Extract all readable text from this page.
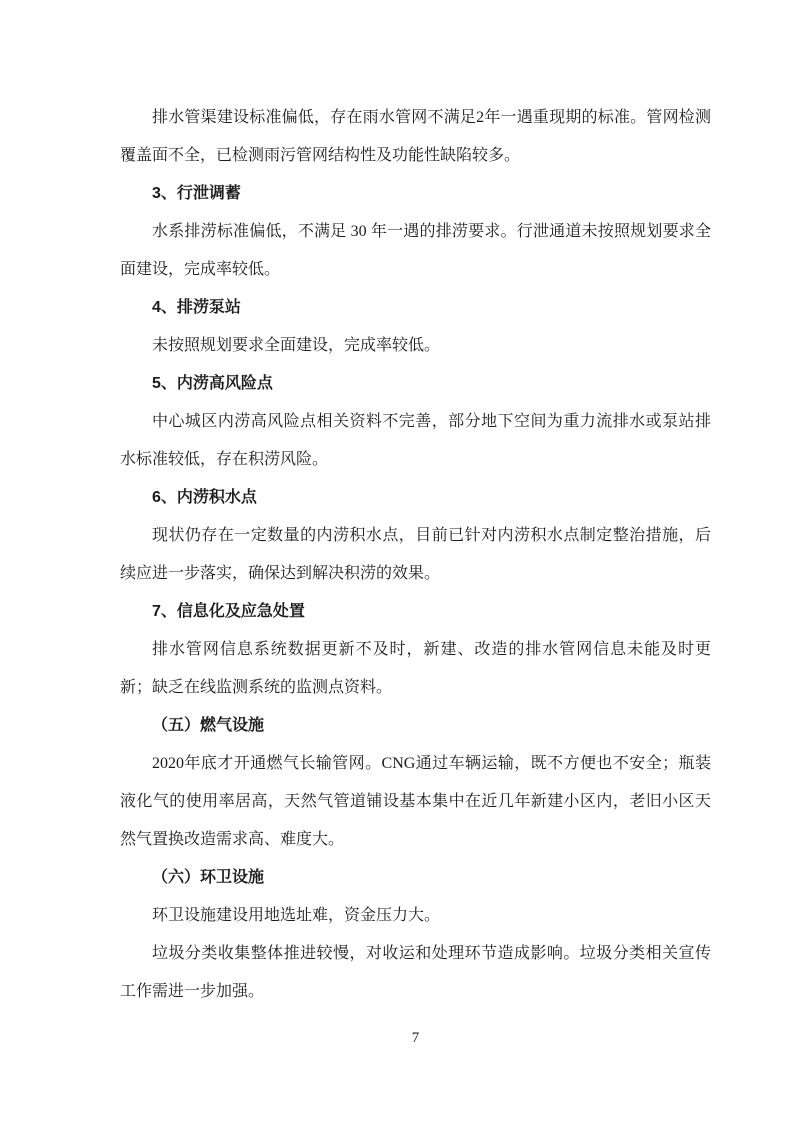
排水管渠建设标准偏低，存在雨水管网不满足2年一遇重现期的标准。管网检测覆盖面不全，已检测雨污管网结构性及功能性缺陷较多。

3、行泄调蓄

水系排涝标准偏低，不满足 30 年一遇的排涝要求。行泄通道未按照规划要求全面建设，完成率较低。

4、排涝泵站

未按照规划要求全面建设，完成率较低。

5、内涝高风险点

中心城区内涝高风险点相关资料不完善，部分地下空间为重力流排水或泵站排水标准较低，存在积涝风险。

6、内涝积水点

现状仍存在一定数量的内涝积水点，目前已针对内涝积水点制定整治措施，后续应进一步落实，确保达到解决积涝的效果。

7、信息化及应急处置

排水管网信息系统数据更新不及时，新建、改造的排水管网信息未能及时更新；缺乏在线监测系统的监测点资料。

（五）燃气设施

2020年底才开通燃气长输管网。CNG通过车辆运输，既不方便也不安全；瓶装液化气的使用率居高，天然气管道铺设基本集中在近几年新建小区内，老旧小区天然气置换改造需求高、难度大。

（六）环卫设施

环卫设施建设用地选址难，资金压力大。

垃圾分类收集整体推进较慢，对收运和处理环节造成影响。垃圾分类相关宣传工作需进一步加强。

7
